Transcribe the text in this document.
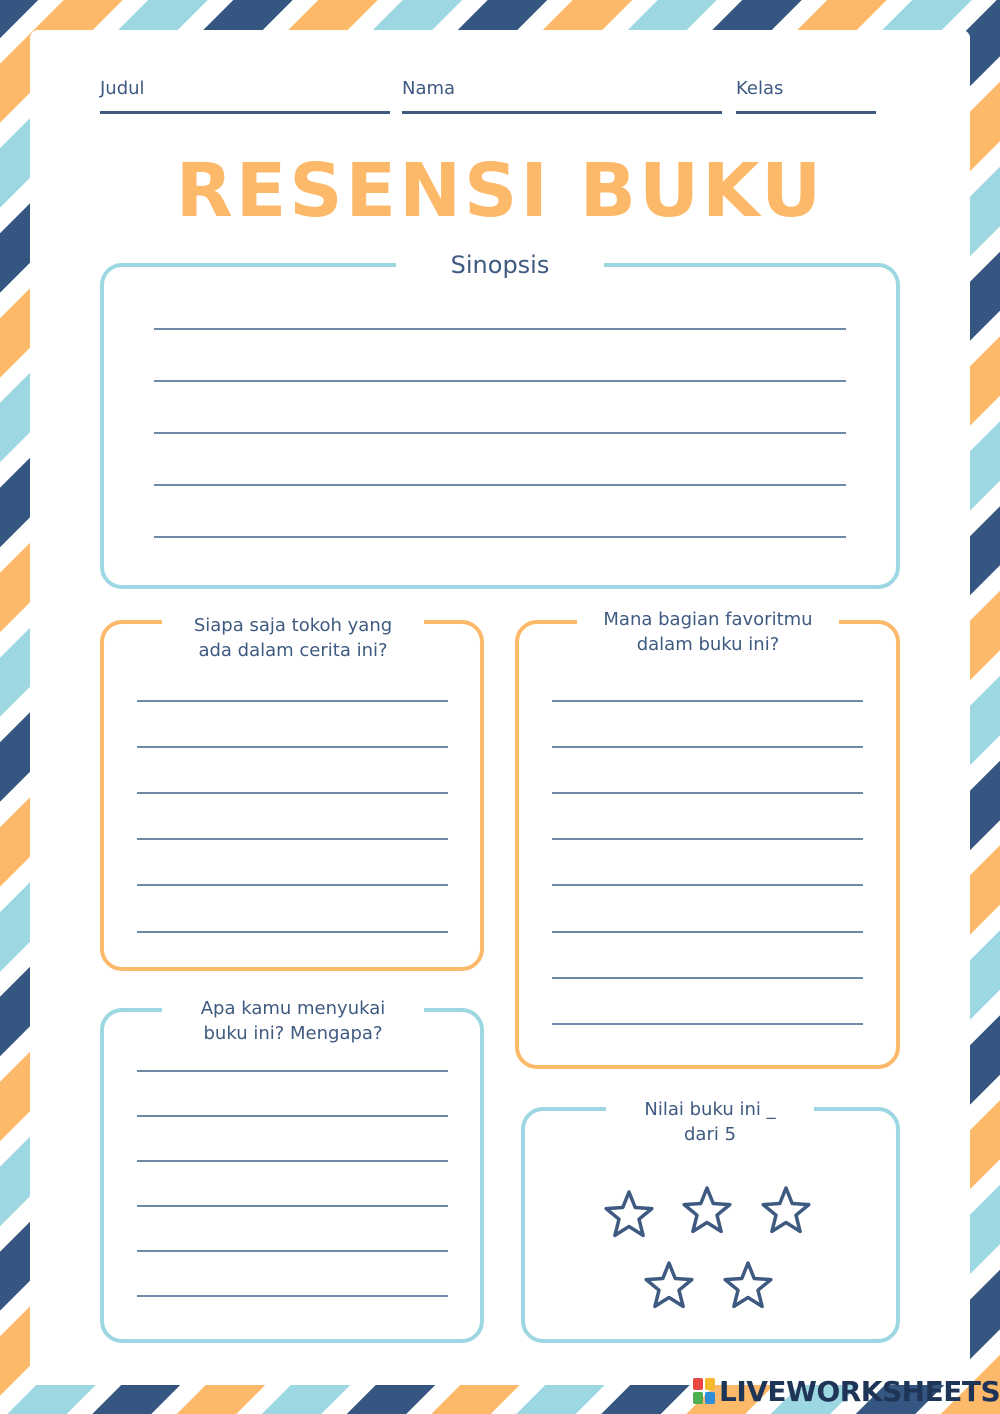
Judul	Nama	Kelas
RESENSI BUKU
Sinopsis
Siapa saja tokoh yang
ada dalam cerita ini?
Mana bagian favoritmu
dalam buku ini?
Apa kamu menyukai
buku ini? Mengapa?
Nilai buku ini _
dari 5
LIVEWORKSHEETS
